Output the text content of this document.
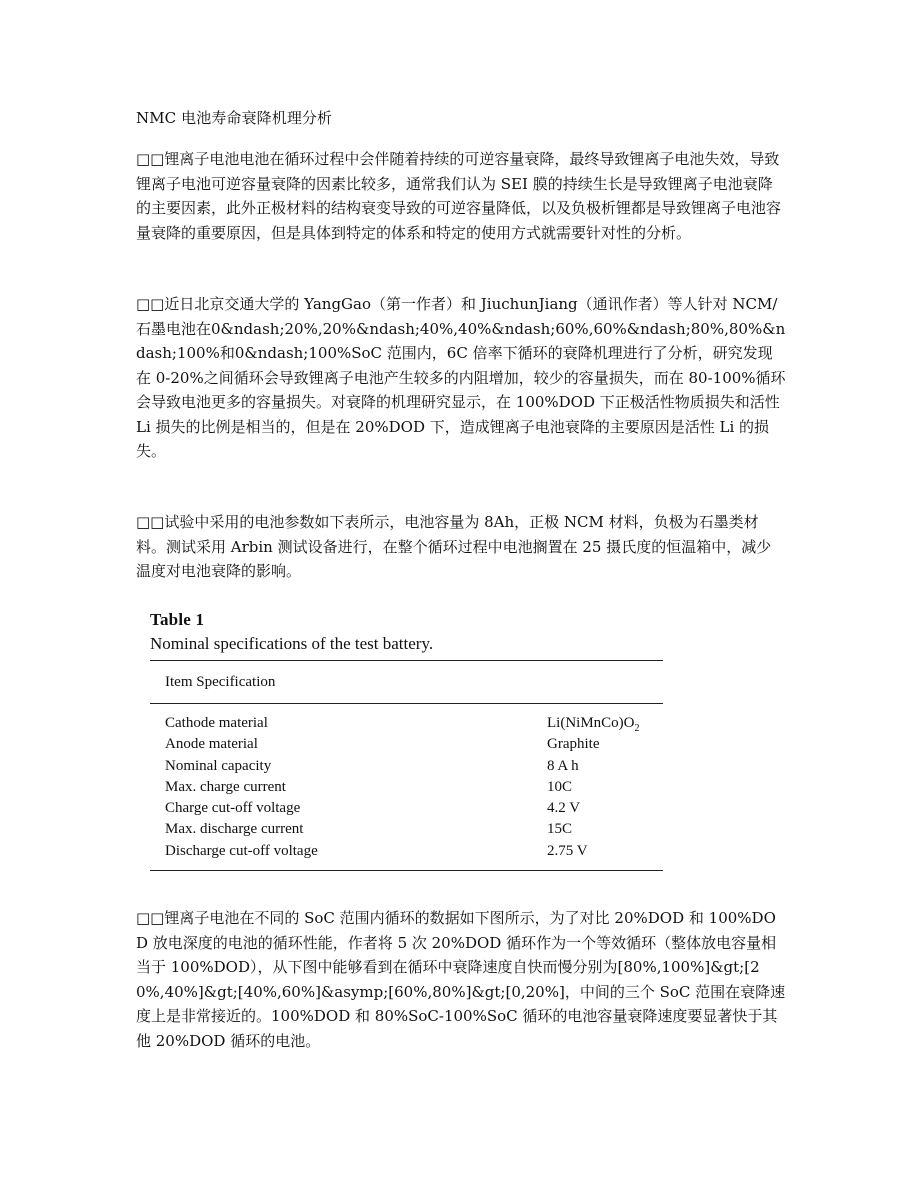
NMC 电池寿命衰降机理分析
□□锂离子电池电池在循环过程中会伴随着持续的可逆容量衰降，最终导致锂离子电池失效，导致锂离子电池可逆容量衰降的因素比较多，通常我们认为 SEI 膜的持续生长是导致锂离子电池衰降的主要因素，此外正极材料的结构衰变导致的可逆容量降低，以及负极析锂都是导致锂离子电池容量衰降的重要原因，但是具体到特定的体系和特定的使用方式就需要针对性的分析。
□□近日北京交通大学的 YangGao（第一作者）和 JiuchunJiang（通讯作者）等人针对 NCM/石墨电池在0&ndash;20%,20%&ndash;40%,40%&ndash;60%,60%&ndash;80%,80%&ndash;100%和0&ndash;100%SoC 范围内，6C 倍率下循环的衰降机理进行了分析，研究发现在 0-20%之间循环会导致锂离子电池产生较多的内阻增加，较少的容量损失，而在 80-100%循环会导致电池更多的容量损失。对衰降的机理研究显示，在 100%DOD 下正极活性物质损失和活性 Li 损失的比例是相当的，但是在 20%DOD 下，造成锂离子电池衰降的主要原因是活性 Li 的损失。
□□试验中采用的电池参数如下表所示，电池容量为 8Ah，正极 NCM 材料，负极为石墨类材料。测试采用 Arbin 测试设备进行，在整个循环过程中电池搁置在 25 摄氏度的恒温箱中，减少温度对电池衰降的影响。
Table 1
Nominal specifications of the test battery.
Item Specification
Cathode material	$Li(NiMnCo)O_2$
Anode material	Graphite
Nominal capacity	8 A h
Max. charge current	10C
Charge cut-off voltage	4.2 V
Max. discharge current	15C
Discharge cut-off voltage	2.75 V
□□锂离子电池在不同的 SoC 范围内循环的数据如下图所示，为了对比 20%DOD 和 100%DOD 放电深度的电池的循环性能，作者将 5 次 20%DOD 循环作为一个等效循环（整体放电容量相当于 100%DOD），从下图中能够看到在循环中衰降速度自快而慢分别为[80%,100%]&gt;[20%,40%]&gt;[40%,60%]&asymp;[60%,80%]&gt;[0,20%]，中间的三个 SoC 范围在衰降速度上是非常接近的。100%DOD 和 80%SoC-100%SoC 循环的电池容量衰降速度要显著快于其他 20%DOD 循环的电池。
